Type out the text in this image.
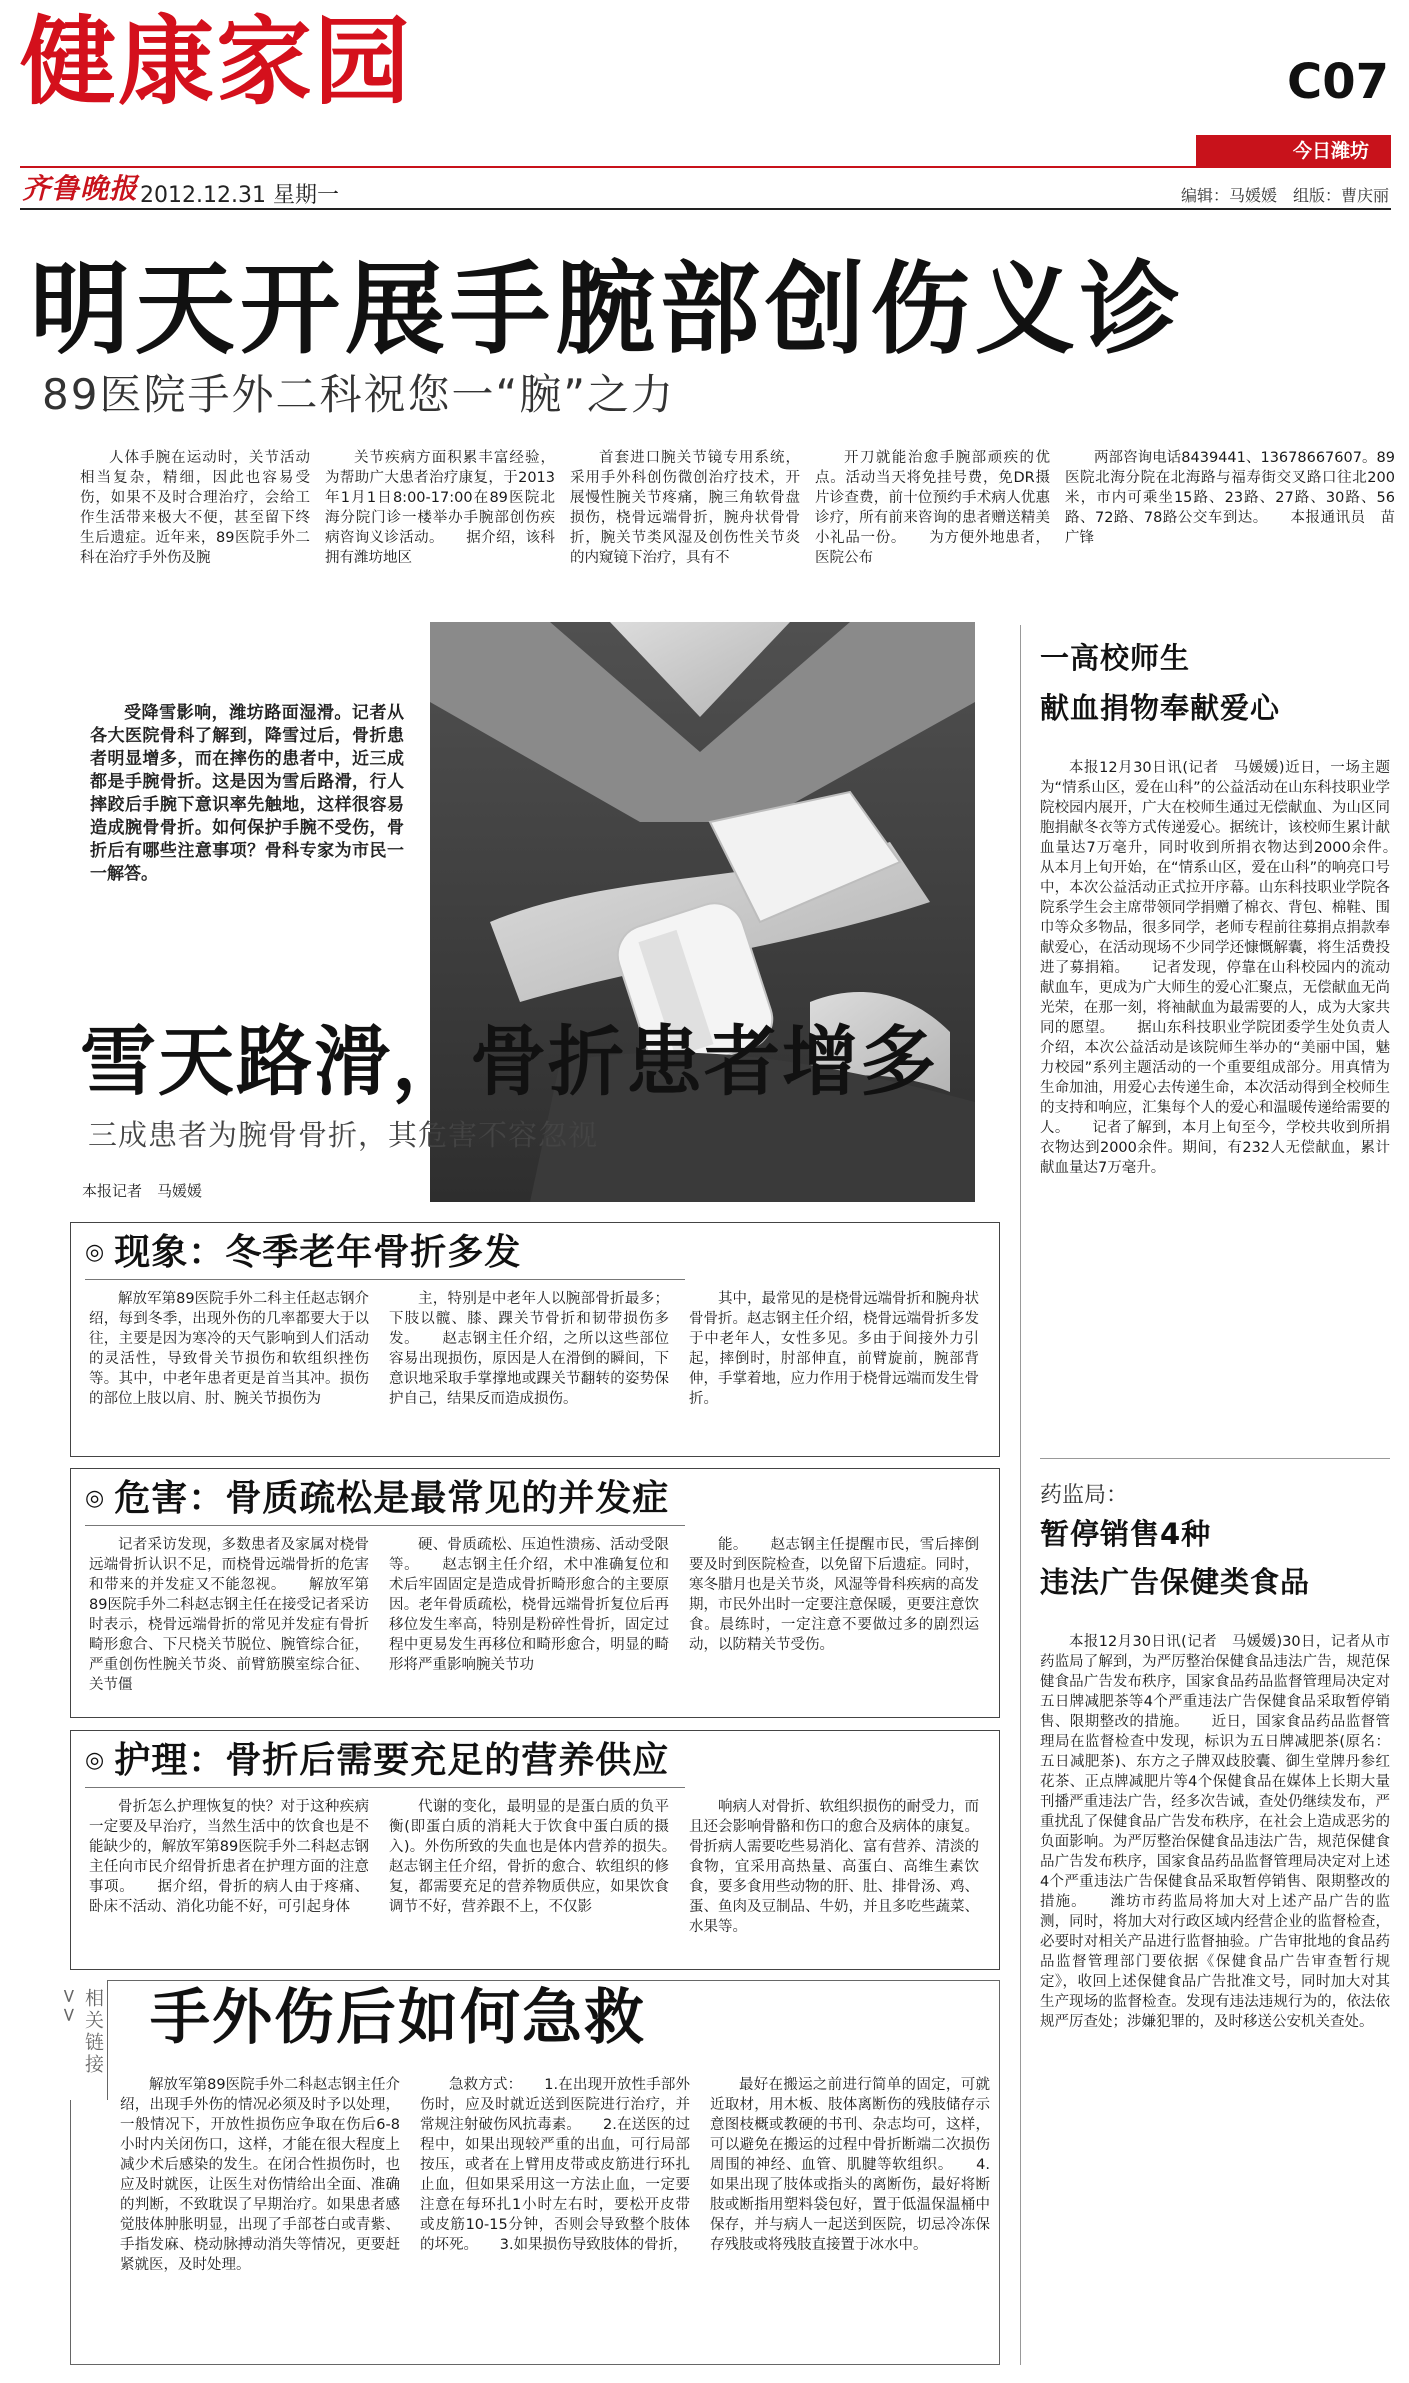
健康家园	C07
今日潍坊
齐鲁晚报 2012.12.31 星期一	编辑：马媛媛　组版：曹庆丽
明天开展手腕部创伤义诊
89医院手外二科祝您一“腕”之力
人体手腕在运动时，关节活动相当复杂，精细，因此也容易受伤，如果不及时合理治疗，会给工作生活带来极大不便，甚至留下终生后遗症。近年来，89医院手外二科在治疗手外伤及腕
关节疾病方面积累丰富经验，为帮助广大患者治疗康复，于2013年1月1日8:00-17:00在89医院北海分院门诊一楼举办手腕部创伤疾病咨询义诊活动。　　据介绍，该科拥有潍坊地区
首套进口腕关节镜专用系统，采用手外科创伤微创治疗技术，开展慢性腕关节疼痛，腕三角软骨盘损伤，桡骨远端骨折，腕舟状骨骨折，腕关节类风湿及创伤性关节炎的内窥镜下治疗，具有不
开刀就能治愈手腕部顽疾的优点。活动当天将免挂号费，免DR摄片诊查费，前十位预约手术病人优惠诊疗，所有前来咨询的患者赠送精美小礼品一份。　　为方便外地患者，医院公布
两部咨询电话8439441、13678667607。89医院北海分院在北海路与福寿街交叉路口往北200米，市内可乘坐15路、23路、27路、30路、56路、72路、78路公交车到达。　　本报通讯员　苗广锋
受降雪影响，潍坊路面湿滑。记者从各大医院骨科了解到，降雪过后，骨折患者明显增多，而在摔伤的患者中，近三成都是手腕骨折。这是因为雪后路滑，行人摔跤后手腕下意识率先触地，这样很容易造成腕骨骨折。如何保护手腕不受伤，骨折后有哪些注意事项？骨科专家为市民一一解答。
雪天路滑，骨折患者增多
三成患者为腕骨骨折，其危害不容忽视
本报记者　马媛媛
◎ 现象：冬季老年骨折多发
解放军第89医院手外二科主任赵志钢介绍，每到冬季，出现外伤的几率都要大于以往，主要是因为寒冷的天气影响到人们活动的灵活性，导致骨关节损伤和软组织挫伤等。其中，中老年患者更是首当其冲。损伤的部位上肢以肩、肘、腕关节损伤为
主，特别是中老年人以腕部骨折最多；下肢以髋、膝、踝关节骨折和韧带损伤多发。　　赵志钢主任介绍，之所以这些部位容易出现损伤，原因是人在滑倒的瞬间，下意识地采取手掌撑地或踝关节翻转的姿势保护自己，结果反而造成损伤。
其中，最常见的是桡骨远端骨折和腕舟状骨骨折。赵志钢主任介绍，桡骨远端骨折多发于中老年人，女性多见。多由于间接外力引起，摔倒时，肘部伸直，前臂旋前，腕部背伸，手掌着地，应力作用于桡骨远端而发生骨折。
◎ 危害：骨质疏松是最常见的并发症
记者采访发现，多数患者及家属对桡骨远端骨折认识不足，而桡骨远端骨折的危害和带来的并发症又不能忽视。　　解放军第89医院手外二科赵志钢主任在接受记者采访时表示，桡骨远端骨折的常见并发症有骨折畸形愈合、下尺桡关节脱位、腕管综合征，严重创伤性腕关节炎、前臂筋膜室综合征、关节僵
硬、骨质疏松、压迫性溃疡、活动受限等。　　赵志钢主任介绍，术中准确复位和术后牢固固定是造成骨折畸形愈合的主要原因。老年骨质疏松，桡骨远端骨折复位后再移位发生率高，特别是粉碎性骨折，固定过程中更易发生再移位和畸形愈合，明显的畸形将严重影响腕关节功
能。　　赵志钢主任提醒市民，雪后摔倒要及时到医院检查，以免留下后遗症。同时，寒冬腊月也是关节炎，风湿等骨科疾病的高发期，市民外出时一定要注意保暖，更要注意饮食。晨练时，一定注意不要做过多的剧烈运动，以防精关节受伤。
◎ 护理：骨折后需要充足的营养供应
骨折怎么护理恢复的快？对于这种疾病一定要及早治疗，当然生活中的饮食也是不能缺少的，解放军第89医院手外二科赵志钢主任向市民介绍骨折患者在护理方面的注意事项。　　据介绍，骨折的病人由于疼痛、卧床不活动、消化功能不好，可引起身体
代谢的变化，最明显的是蛋白质的负平衡(即蛋白质的消耗大于饮食中蛋白质的摄入)。外伤所致的失血也是体内营养的损失。　　赵志钢主任介绍，骨折的愈合、软组织的修复，都需要充足的营养物质供应，如果饮食调节不好，营养跟不上，不仅影
响病人对骨折、软组织损伤的耐受力，而且还会影响骨骼和伤口的愈合及病体的康复。骨折病人需要吃些易消化、富有营养、清淡的食物，宜采用高热量、高蛋白、高维生素饮食，要多食用些动物的肝、肚、排骨汤、鸡、蛋、鱼肉及豆制品、牛奶，并且多吃些蔬菜、水果等。
相关链接>>	手外伤后如何急救
解放军第89医院手外二科赵志钢主任介绍，出现手外伤的情况必须及时予以处理，一般情况下，开放性损伤应争取在伤后6-8小时内关闭伤口，这样，才能在很大程度上减少术后感染的发生。在闭合性损伤时，也应及时就医，让医生对伤情给出全面、准确的判断，不致耽误了早期治疗。如果患者感觉肢体肿胀明显，出现了手部苍白或青紫、手指发麻、桡动脉搏动消失等情况，更要赶紧就医，及时处理。
急救方式：　　1.在出现开放性手部外伤时，应及时就近送到医院进行治疗，并常规注射破伤风抗毒素。　　2.在送医的过程中，如果出现较严重的出血，可行局部按压，或者在上臂用皮带或皮筋进行环扎止血，但如果采用这一方法止血，一定要注意在每环扎1小时左右时，要松开皮带或皮筋10-15分钟，否则会导致整个肢体的坏死。　　3.如果损伤导致肢体的骨折，
最好在搬运之前进行简单的固定，可就近取材，用木板、肢体离断伤的残肢储存示意图枝概或教硬的书刊、杂志均可，这样，可以避免在搬运的过程中骨折断端二次损伤周围的神经、血管、肌腱等软组织。　　4.如果出现了肢体或指头的离断伤，最好将断肢或断指用塑料袋包好，置于低温保温桶中保存，并与病人一起送到医院，切忌冷冻保存残肢或将残肢直接置于冰水中。
一高校师生
献血捐物奉献爱心
本报12月30日讯(记者　马媛媛)近日，一场主题为“情系山区，爱在山科”的公益活动在山东科技职业学院校园内展开，广大在校师生通过无偿献血、为山区同胞捐献冬衣等方式传递爱心。据统计，该校师生累计献血量达7万毫升，同时收到所捐衣物达到2000余件。　　从本月上旬开始，在“情系山区，爱在山科”的响亮口号中，本次公益活动正式拉开序幕。山东科技职业学院各院系学生会主席带领同学捐赠了棉衣、背包、棉鞋、围巾等众多物品，很多同学，老师专程前往募捐点捐款奉献爱心，在活动现场不少同学还慷慨解囊，将生活费投进了募捐箱。　　记者发现，停靠在山科校园内的流动献血车，更成为广大师生的爱心汇聚点，无偿献血无尚光荣，在那一刻，将袖献血为最需要的人，成为大家共同的愿望。　　据山东科技职业学院团委学生处负责人介绍，本次公益活动是该院师生举办的“美丽中国，魅力校园”系列主题活动的一个重要组成部分。用真情为生命加油，用爱心去传递生命，本次活动得到全校师生的支持和响应，汇集每个人的爱心和温暖传递给需要的人。　　记者了解到，本月上旬至今，学校共收到所捐衣物达到2000余件。期间，有232人无偿献血，累计献血量达7万毫升。
药监局：
暂停销售4种
违法广告保健类食品
本报12月30日讯(记者　马媛媛)30日，记者从市药监局了解到，为严厉整治保健食品违法广告，规范保健食品广告发布秩序，国家食品药品监督管理局决定对五日牌减肥茶等4个严重违法广告保健食品采取暂停销售、限期整改的措施。　　近日，国家食品药品监督管理局在监督检查中发现，标识为五日牌减肥茶(原名：五日减肥茶)、东方之子牌双歧胶囊、御生堂牌丹参红花茶、正点牌减肥片等4个保健食品在媒体上长期大量刊播严重违法广告，经多次告诫，查处仍继续发布，严重扰乱了保健食品广告发布秩序，在社会上造成恶劣的负面影响。为严厉整治保健食品违法广告，规范保健食品广告发布秩序，国家食品药品监督管理局决定对上述4个严重违法广告保健食品采取暂停销售、限期整改的措施。　　潍坊市药监局将加大对上述产品广告的监测，同时，将加大对行政区域内经营企业的监督检查，必要时对相关产品进行监督抽验。广告审批地的食品药品监督管理部门要依据《保健食品广告审查暂行规定》，收回上述保健食品广告批准文号，同时加大对其生产现场的监督检查。发现有违法违规行为的，依法依规严厉查处；涉嫌犯罪的，及时移送公安机关查处。
